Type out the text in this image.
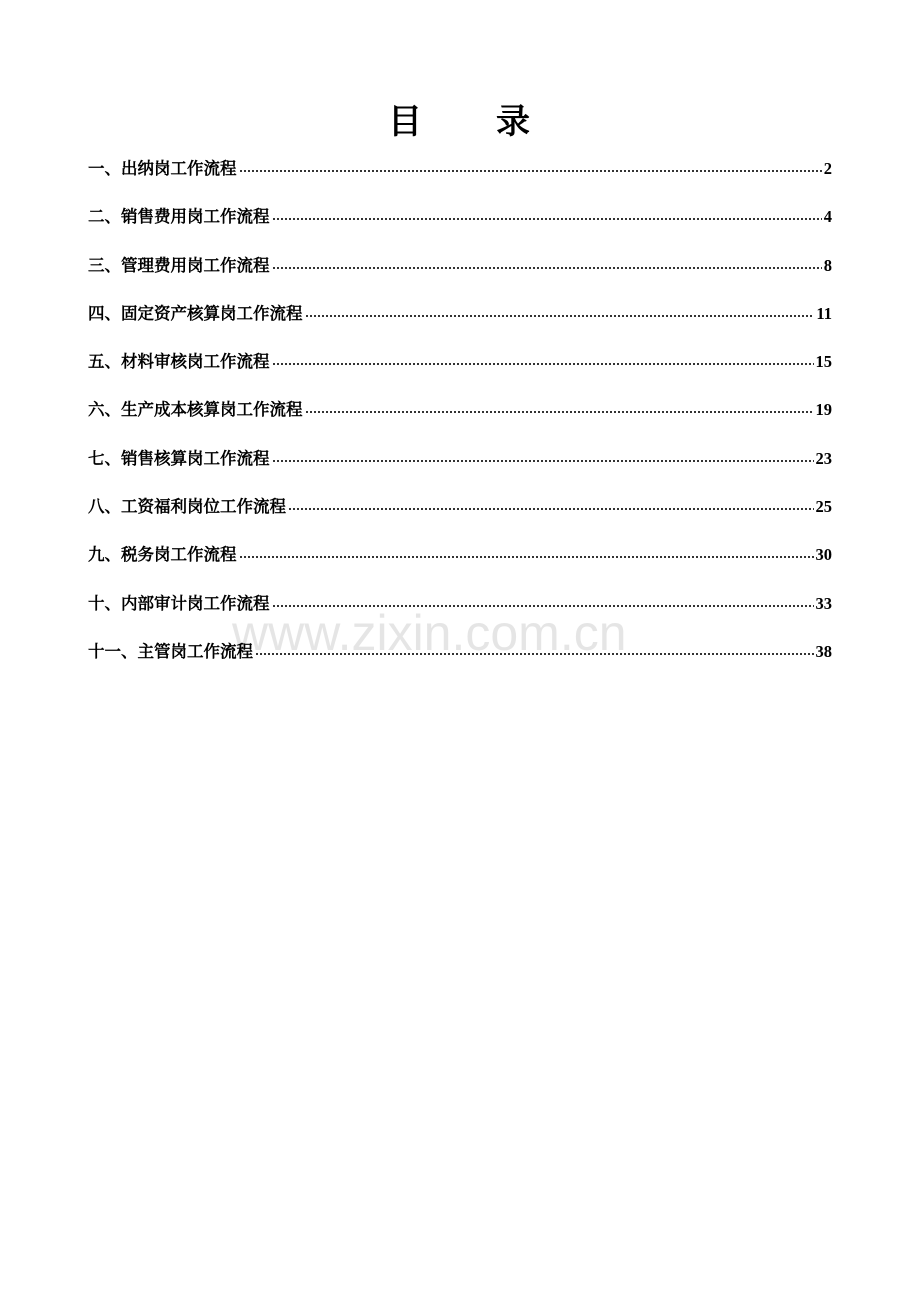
目　　录
一、出纳岗工作流程	2
二、销售费用岗工作流程	4
三、管理费用岗工作流程	8
四、固定资产核算岗工作流程	11
五、材料审核岗工作流程	15
六、生产成本核算岗工作流程	19
七、销售核算岗工作流程	23
八、工资福利岗位工作流程	25
九、税务岗工作流程	30
十、内部审计岗工作流程	33
十一、主管岗工作流程	38
www.zixin.com.cn
